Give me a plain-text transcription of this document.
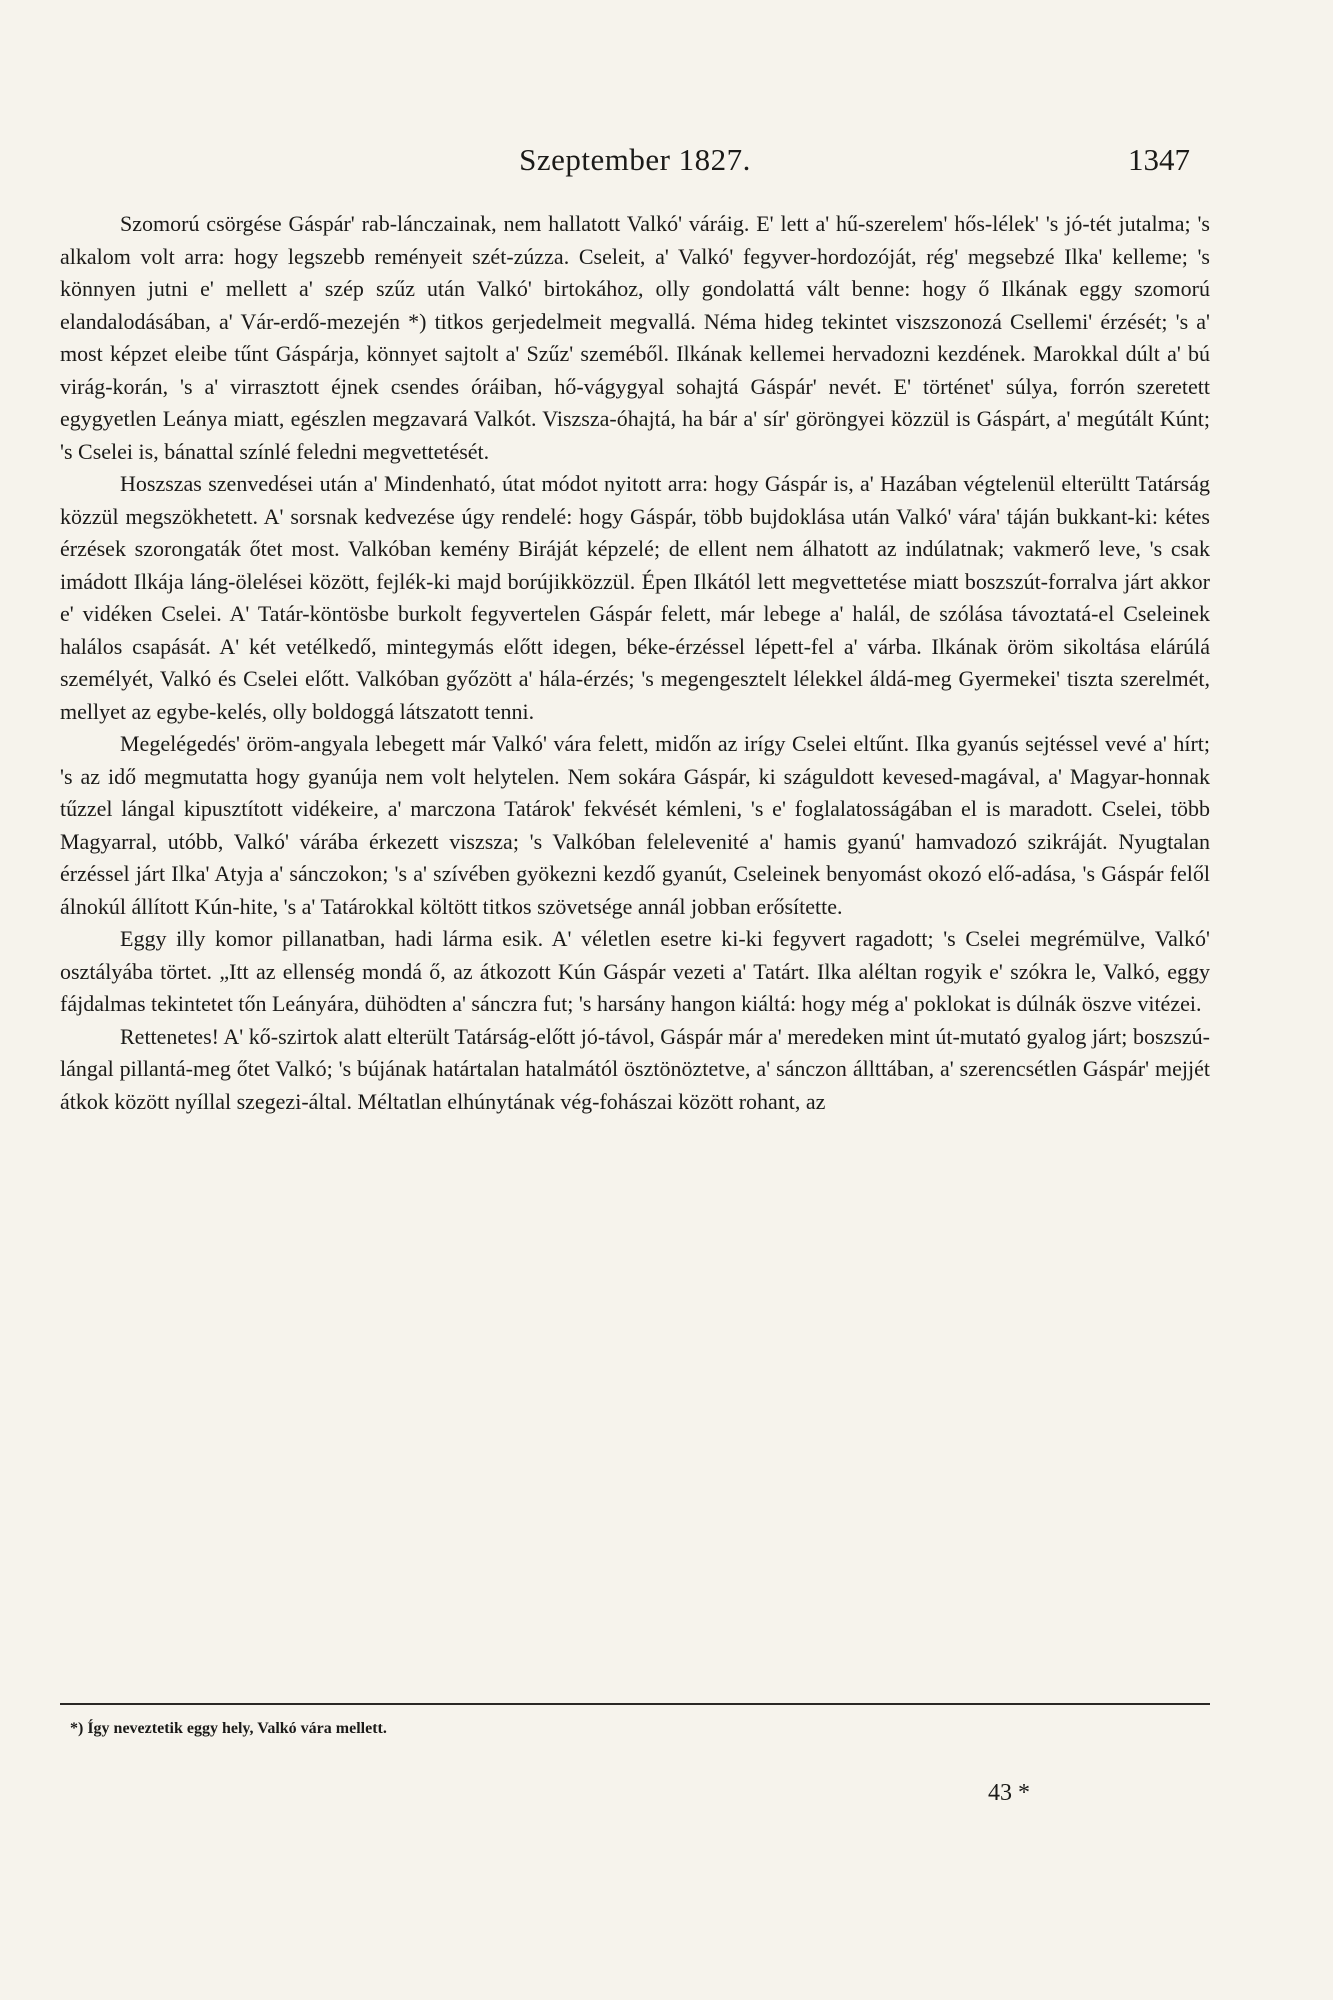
Szeptember 1827.	1347

Szomorú csörgése Gáspár' rab-lánczainak, nem hallatott Valkó' váráig. E' lett a' hű-szerelem' hős-lélek' 's jó-tét jutalma; 's alkalom volt arra: hogy legszebb reményeit szét-zúzza. Cseleit, a' Valkó' fegyver-hordozóját, rég' megsebzé Ilka' kelleme; 's könnyen jutni e' mellett a' szép szűz után Valkó' birtokához, olly gondolattá vált benne: hogy ő Ilkának eggy szomorú elandalodásában, a' Vár-erdő-mezején *) titkos gerjedelmeit megvallá. Néma hideg tekintet viszszonozá Csellemi' érzését; 's a' most képzet eleibe tűnt Gáspárja, könnyet sajtolt a' Szűz' szeméből. Ilkának kellemei hervadozni kezdének. Marokkal dúlt a' bú virág-korán, 's a' virrasztott éjnek csendes óráiban, hő-vágygyal sohajtá Gáspár' nevét. E' történet' súlya, forrón szeretett egygyetlen Leánya miatt, egészlen megzavará Valkót. Viszsza-óhajtá, ha bár a' sír' göröngyei közzül is Gáspárt, a' megútált Kúnt; 's Cselei is, bánattal színlé feledni megvettetését.

Hoszszas szenvedései után a' Mindenható, útat módot nyitott arra: hogy Gáspár is, a' Hazában végtelenül elterültt Tatárság közzül megszökhetett. A' sorsnak kedvezése úgy rendelé: hogy Gáspár, több bujdoklása után Valkó' vára' táján bukkant-ki: kétes érzések szorongaták őtet most. Valkóban kemény Biráját képzelé; de ellent nem álhatott az indúlatnak; vakmerő leve, 's csak imádott Ilkája láng-ölelései között, fejlék-ki majd borújikközzül. Épen Ilkától lett megvettetése miatt boszszút-forralva járt akkor e' vidéken Cselei. A' Tatár-köntösbe burkolt fegyvertelen Gáspár felett, már lebege a' halál, de szólása távoztatá-el Cseleinek halálos csapását. A' két vetélkedő, mintegymás előtt idegen, béke-érzéssel lépett-fel a' várba. Ilkának öröm sikoltása elárúlá személyét, Valkó és Cselei előtt. Valkóban győzött a' hála-érzés; 's megengesztelt lélekkel áldá-meg Gyermekei' tiszta szerelmét, mellyet az egybe-kelés, olly boldoggá látszatott tenni.

Megelégedés' öröm-angyala lebegett már Valkó' vára felett, midőn az irígy Cselei eltűnt. Ilka gyanús sejtéssel vevé a' hírt; 's az idő megmutatta hogy gyanúja nem volt helytelen. Nem sokára Gáspár, ki száguldott kevesed-magával, a' Magyar-honnak tűzzel lángal kipusztított vidékeire, a' marczona Tatárok' fekvését kémleni, 's e' foglalatosságában el is maradott. Cselei, több Magyarral, utóbb, Valkó' várába érkezett viszsza; 's Valkóban felelevenité a' hamis gyanú' hamvadozó szikráját. Nyugtalan érzéssel járt Ilka' Atyja a' sánczokon; 's a' szívében gyökezni kezdő gyanút, Cseleinek benyomást okozó elő-adása, 's Gáspár felől álnokúl állított Kún-hite, 's a' Tatárokkal költött titkos szövetsége annál jobban erősítette.

Eggy illy komor pillanatban, hadi lárma esik. A' véletlen esetre ki-ki fegyvert ragadott; 's Cselei megrémülve, Valkó' osztályába törtet. „Itt az ellenség mondá ő, az átkozott Kún Gáspár vezeti a' Tatárt. Ilka aléltan rogyik e' szókra le, Valkó, eggy fájdalmas tekintetet tőn Leányára, dühödten a' sánczra fut; 's harsány hangon kiáltá: hogy még a' poklokat is dúlnák öszve vitézei.

Rettenetes! A' kő-szirtok alatt elterült Tatárság-előtt jó-távol, Gáspár már a' meredeken mint út-mutató gyalog járt; boszszú-lángal pillantá-meg őtet Valkó; 's bújának határtalan hatalmától ösztönöztetve, a' sánczon állttában, a' szerencsétlen Gáspár' mejjét átkok között nyíllal szegezi-által. Méltatlan elhúnytának vég-fohászai között rohant, az

*) Így neveztetik eggy hely, Valkó vára mellett.
43 *
